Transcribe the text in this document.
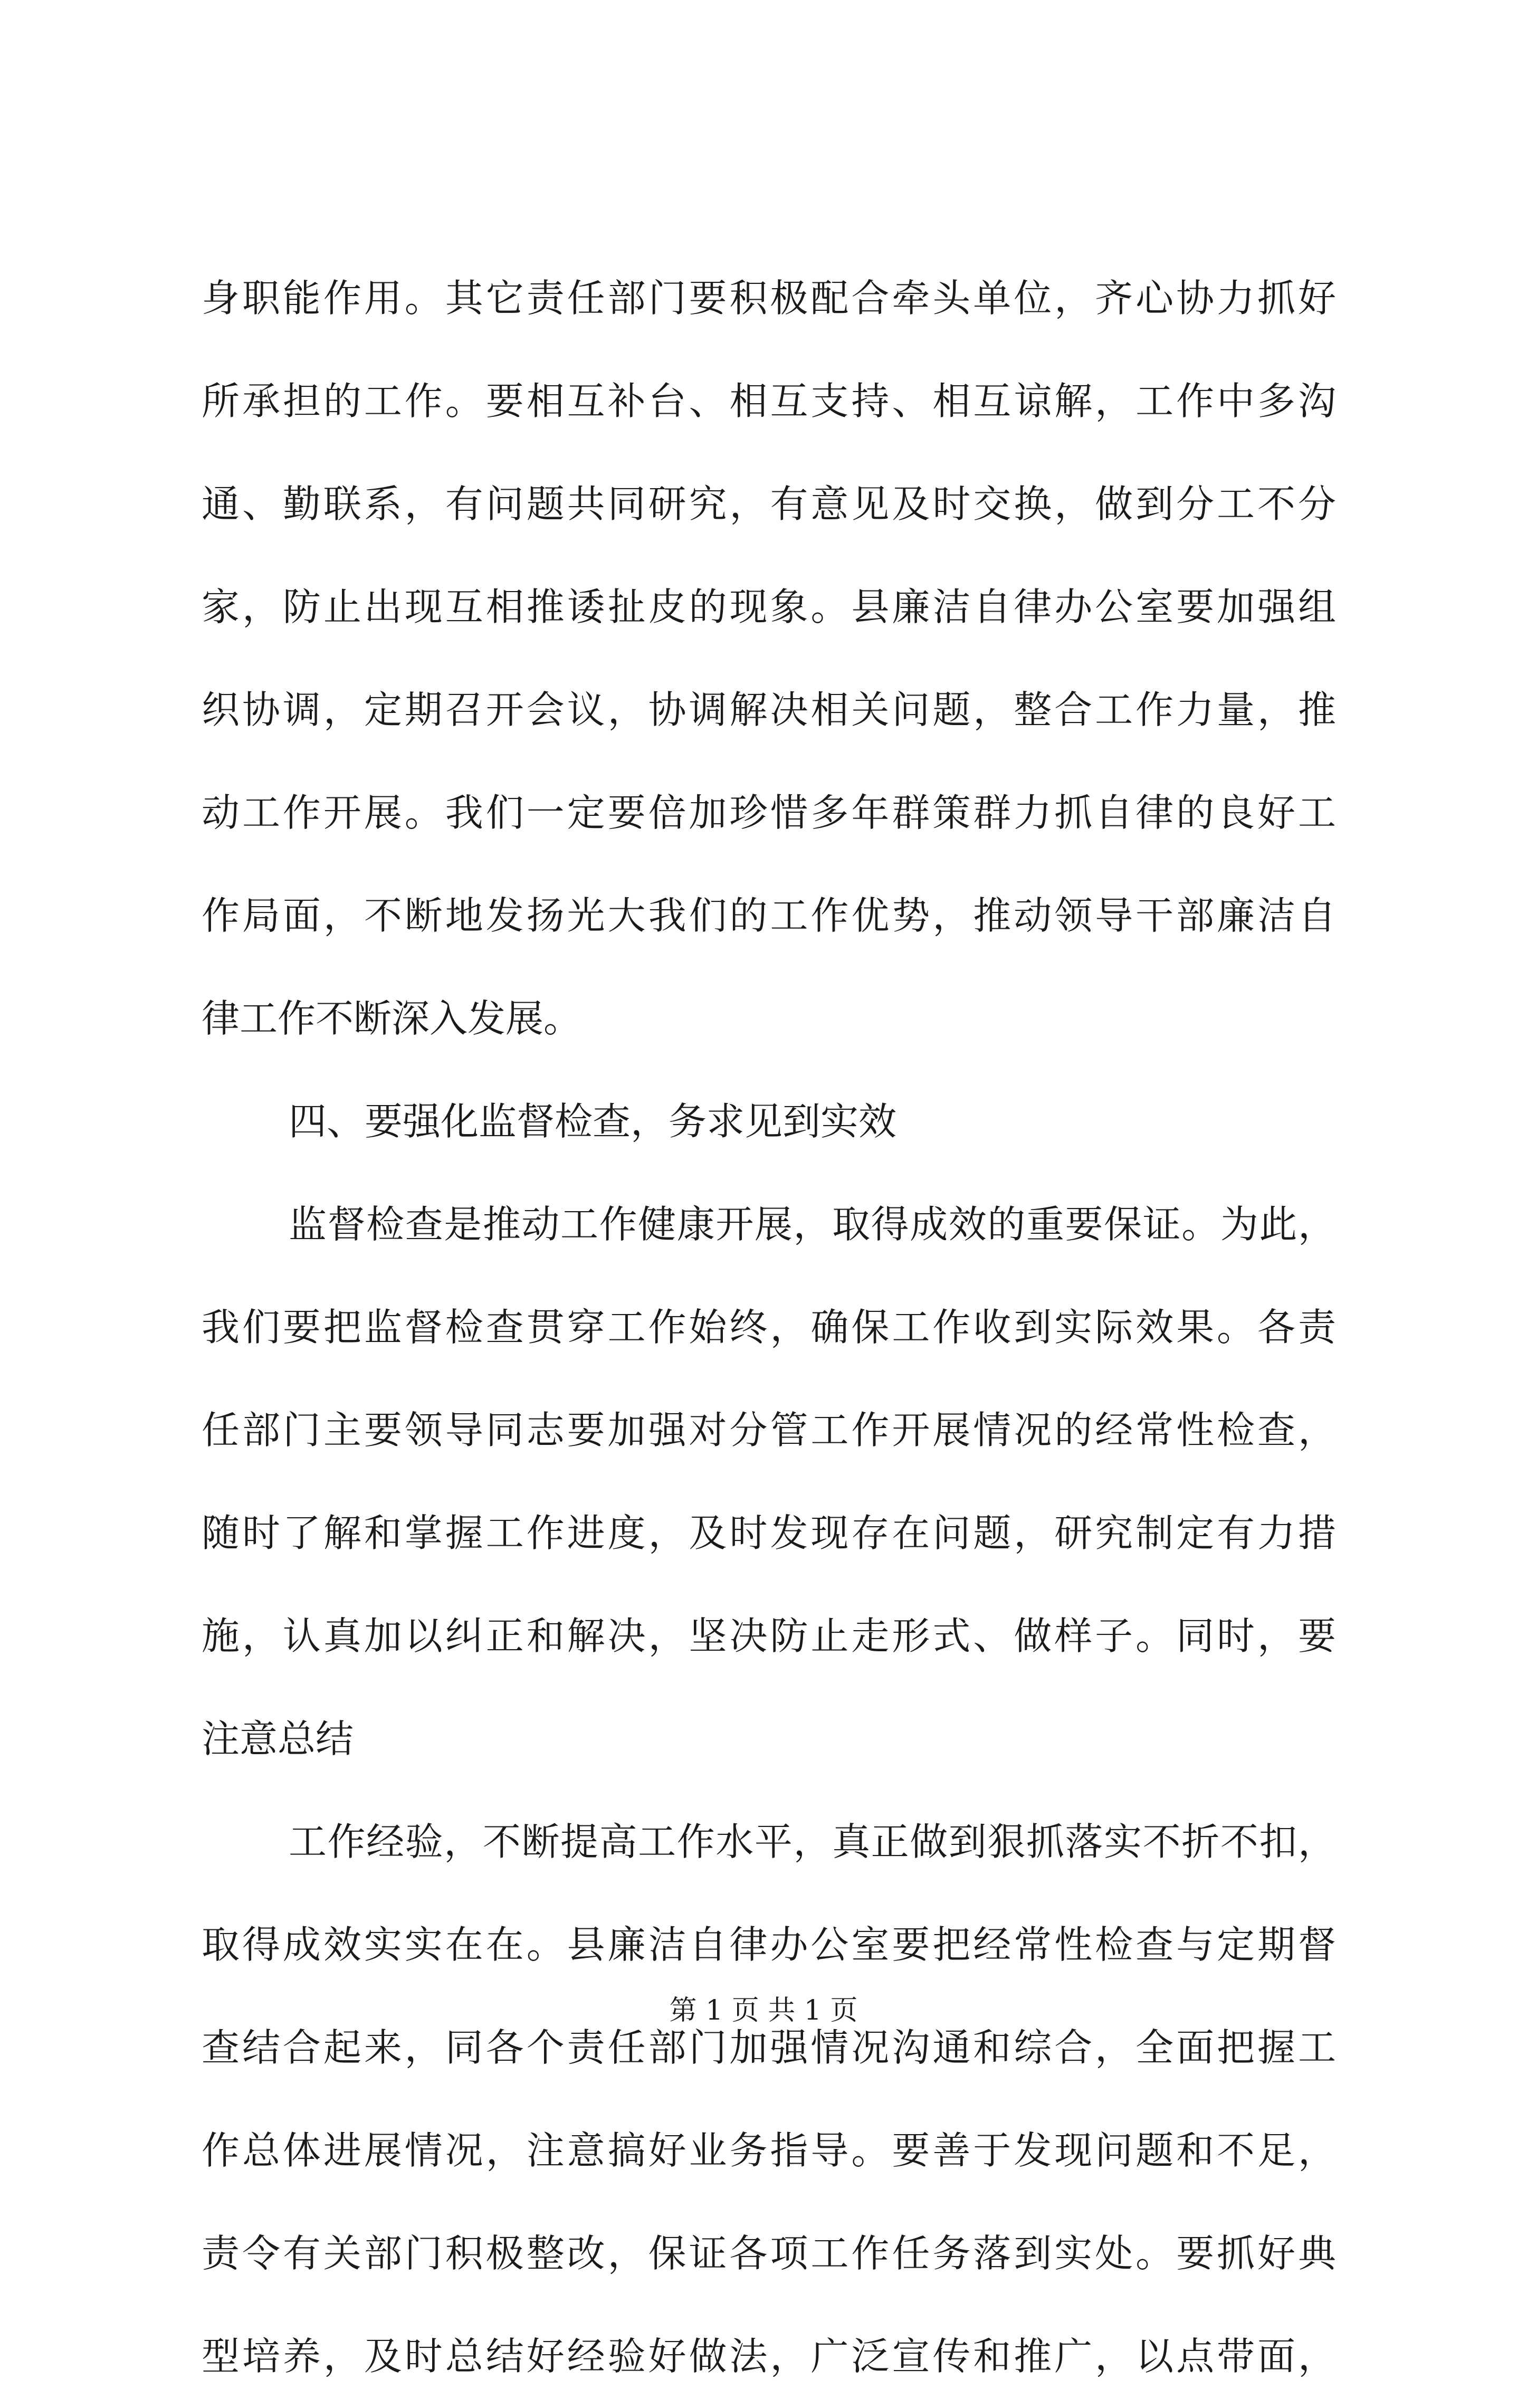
身职能作用。其它责任部门要积极配合牵头单位，齐心协力抓好
所承担的工作。要相互补台、相互支持、相互谅解，工作中多沟
通、勤联系，有问题共同研究，有意见及时交换，做到分工不分
家，防止出现互相推诿扯皮的现象。县廉洁自律办公室要加强组
织协调，定期召开会议，协调解决相关问题，整合工作力量，推
动工作开展。我们一定要倍加珍惜多年群策群力抓自律的良好工
作局面，不断地发扬光大我们的工作优势，推动领导干部廉洁自
律工作不断深入发展。
四、要强化监督检查，务求见到实效
监督检查是推动工作健康开展，取得成效的重要保证。为此，
我们要把监督检查贯穿工作始终，确保工作收到实际效果。各责
任部门主要领导同志要加强对分管工作开展情况的经常性检查，
随时了解和掌握工作进度，及时发现存在问题，研究制定有力措
施，认真加以纠正和解决，坚决防止走形式、做样子。同时，要
注意总结
工作经验，不断提高工作水平，真正做到狠抓落实不折不扣，
取得成效实实在在。县廉洁自律办公室要把经常性检查与定期督
查结合起来，同各个责任部门加强情况沟通和综合，全面把握工
作总体进展情况，注意搞好业务指导。要善于发现问题和不足，
责令有关部门积极整改，保证各项工作任务落到实处。要抓好典
型培养，及时总结好经验好做法，广泛宣传和推广，以点带面，
第 1 页 共 1 页
